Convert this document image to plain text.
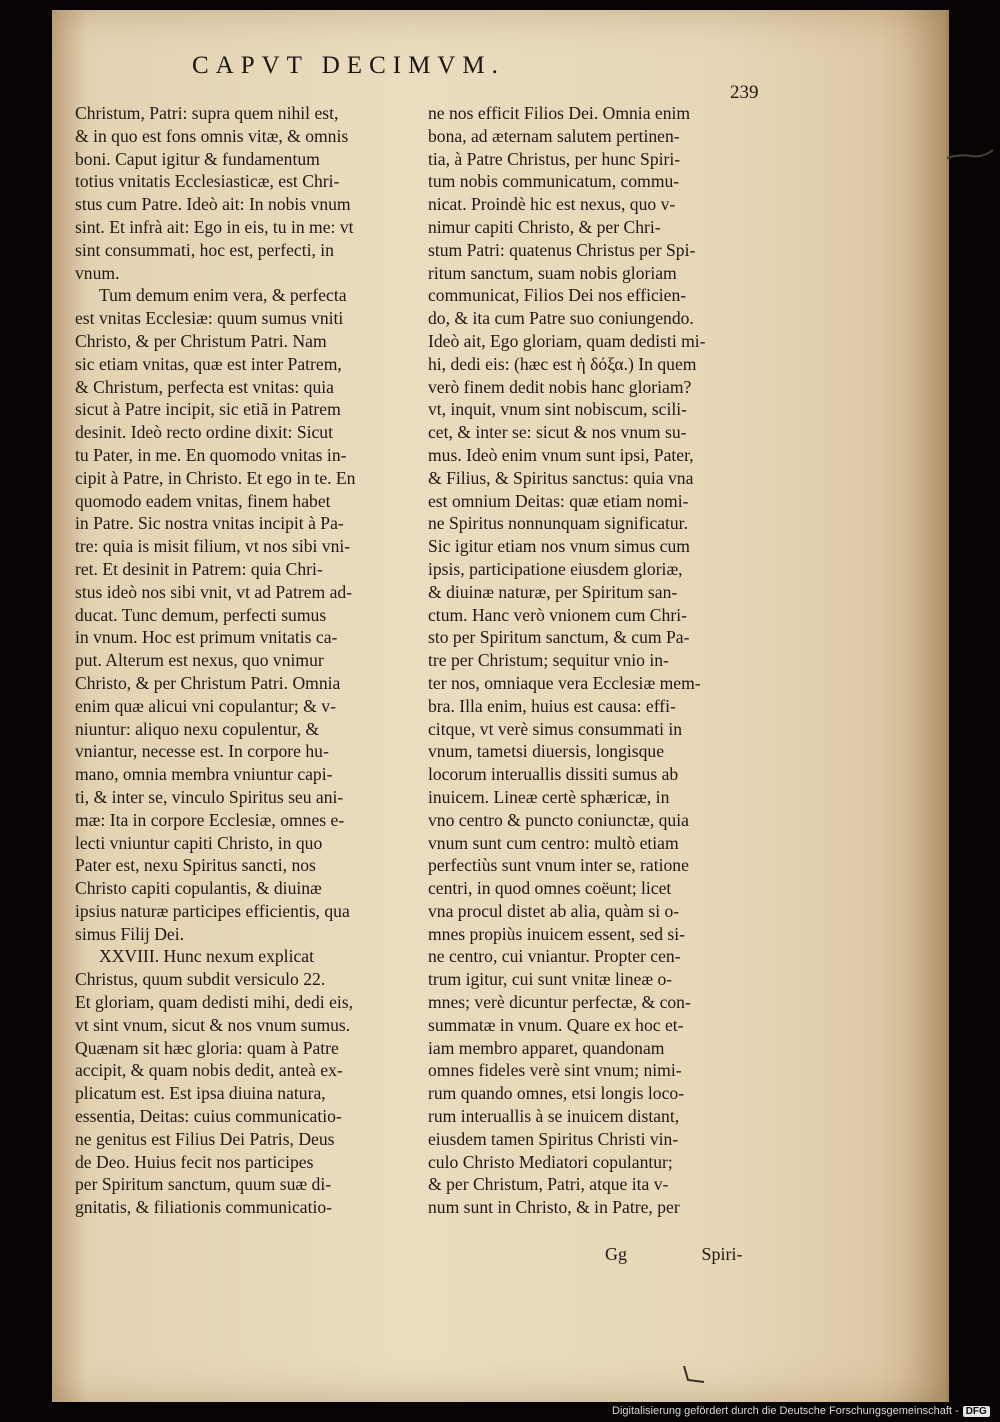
CAPVT DECIMVM.
239
Christum, Patri: supra quem nihil est,
& in quo est fons omnis vitæ, & omnis
boni. Caput igitur & fundamentum
totius vnitatis Ecclesiasticæ, est Chri-
stus cum Patre. Ideò ait: In nobis vnum
sint. Et infrà ait: Ego in eis, tu in me: vt
sint consummati, hoc est, perfecti, in
vnum.
Tum demum enim vera, & perfecta
est vnitas Ecclesiæ: quum sumus vniti
Christo, & per Christum Patri. Nam
sic etiam vnitas, quæ est inter Patrem,
& Christum, perfecta est vnitas: quia
sicut à Patre incipit, sic etiã in Patrem
desinit. Ideò recto ordine dixit: Sicut
tu Pater, in me. En quomodo vnitas in-
cipit à Patre, in Christo. Et ego in te. En
quomodo eadem vnitas, finem habet
in Patre. Sic nostra vnitas incipit à Pa-
tre: quia is misit filium, vt nos sibi vni-
ret. Et desinit in Patrem: quia Chri-
stus ideò nos sibi vnit, vt ad Patrem ad-
ducat. Tunc demum, perfecti sumus
in vnum. Hoc est primum vnitatis ca-
put. Alterum est nexus, quo vnimur
Christo, & per Christum Patri. Omnia
enim quæ alicui vni copulantur; & v-
niuntur: aliquo nexu copulentur, &
vniantur, necesse est. In corpore hu-
mano, omnia membra vniuntur capi-
ti, & inter se, vinculo Spiritus seu ani-
mæ: Ita in corpore Ecclesiæ, omnes e-
lecti vniuntur capiti Christo, in quo
Pater est, nexu Spiritus sancti, nos
Christo capiti copulantis, & diuinæ
ipsius naturæ participes efficientis, qua
simus Filij Dei.
XXVIII. Hunc nexum explicat
Christus, quum subdit versiculo 22.
Et gloriam, quam dedisti mihi, dedi eis,
vt sint vnum, sicut & nos vnum sumus.
Quænam sit hæc gloria: quam à Patre
accipit, & quam nobis dedit, anteà ex-
plicatum est. Est ipsa diuina natura,
essentia, Deitas: cuius communicatio-
ne genitus est Filius Dei Patris, Deus
de Deo. Huius fecit nos participes
per Spiritum sanctum, quum suæ di-
gnitatis, & filiationis communicatio-
ne nos efficit Filios Dei. Omnia enim
bona, ad æternam salutem pertinen-
tia, à Patre Christus, per hunc Spiri-
tum nobis communicatum, commu-
nicat. Proindè hic est nexus, quo v-
nimur capiti Christo, & per Chri-
stum Patri: quatenus Christus per Spi-
ritum sanctum, suam nobis gloriam
communicat, Filios Dei nos efficien-
do, & ita cum Patre suo coniungendo.
Ideò ait, Ego gloriam, quam dedisti mi-
hi, dedi eis: (hæc est ἡ δόξα.) In quem
verò finem dedit nobis hanc gloriam?
vt, inquit, vnum sint nobiscum, scili-
cet, & inter se: sicut & nos vnum su-
mus. Ideò enim vnum sunt ipsi, Pater,
& Filius, & Spiritus sanctus: quia vna
est omnium Deitas: quæ etiam nomi-
ne Spiritus nonnunquam significatur.
Sic igitur etiam nos vnum simus cum
ipsis, participatione eiusdem gloriæ,
& diuinæ naturæ, per Spiritum san-
ctum. Hanc verò vnionem cum Chri-
sto per Spiritum sanctum, & cum Pa-
tre per Christum; sequitur vnio in-
ter nos, omniaque vera Ecclesiæ mem-
bra. Illa enim, huius est causa: effi-
citque, vt verè simus consummati in
vnum, tametsi diuersis, longisque
locorum interuallis dissiti sumus ab
inuicem. Lineæ certè sphæricæ, in
vno centro & puncto coniunctæ, quia
vnum sunt cum centro: multò etiam
perfectiùs sunt vnum inter se, ratione
centri, in quod omnes coëunt; licet
vna procul distet ab alia, quàm si o-
mnes propiùs inuicem essent, sed si-
ne centro, cui vniantur. Propter cen-
trum igitur, cui sunt vnitæ lineæ o-
mnes; verè dicuntur perfectæ, & con-
summatæ in vnum. Quare ex hoc et-
iam membro apparet, quandonam
omnes fideles verè sint vnum; nimi-
rum quando omnes, etsi longis loco-
rum interuallis à se inuicem distant,
eiusdem tamen Spiritus Christi vin-
culo Christo Mediatori copulantur;
& per Christum, Patri, atque ita v-
num sunt in Christo, & in Patre, per
Gg	Spiri-
Digitalisierung gefördert durch die Deutsche Forschungsgemeinschaft - DFG
